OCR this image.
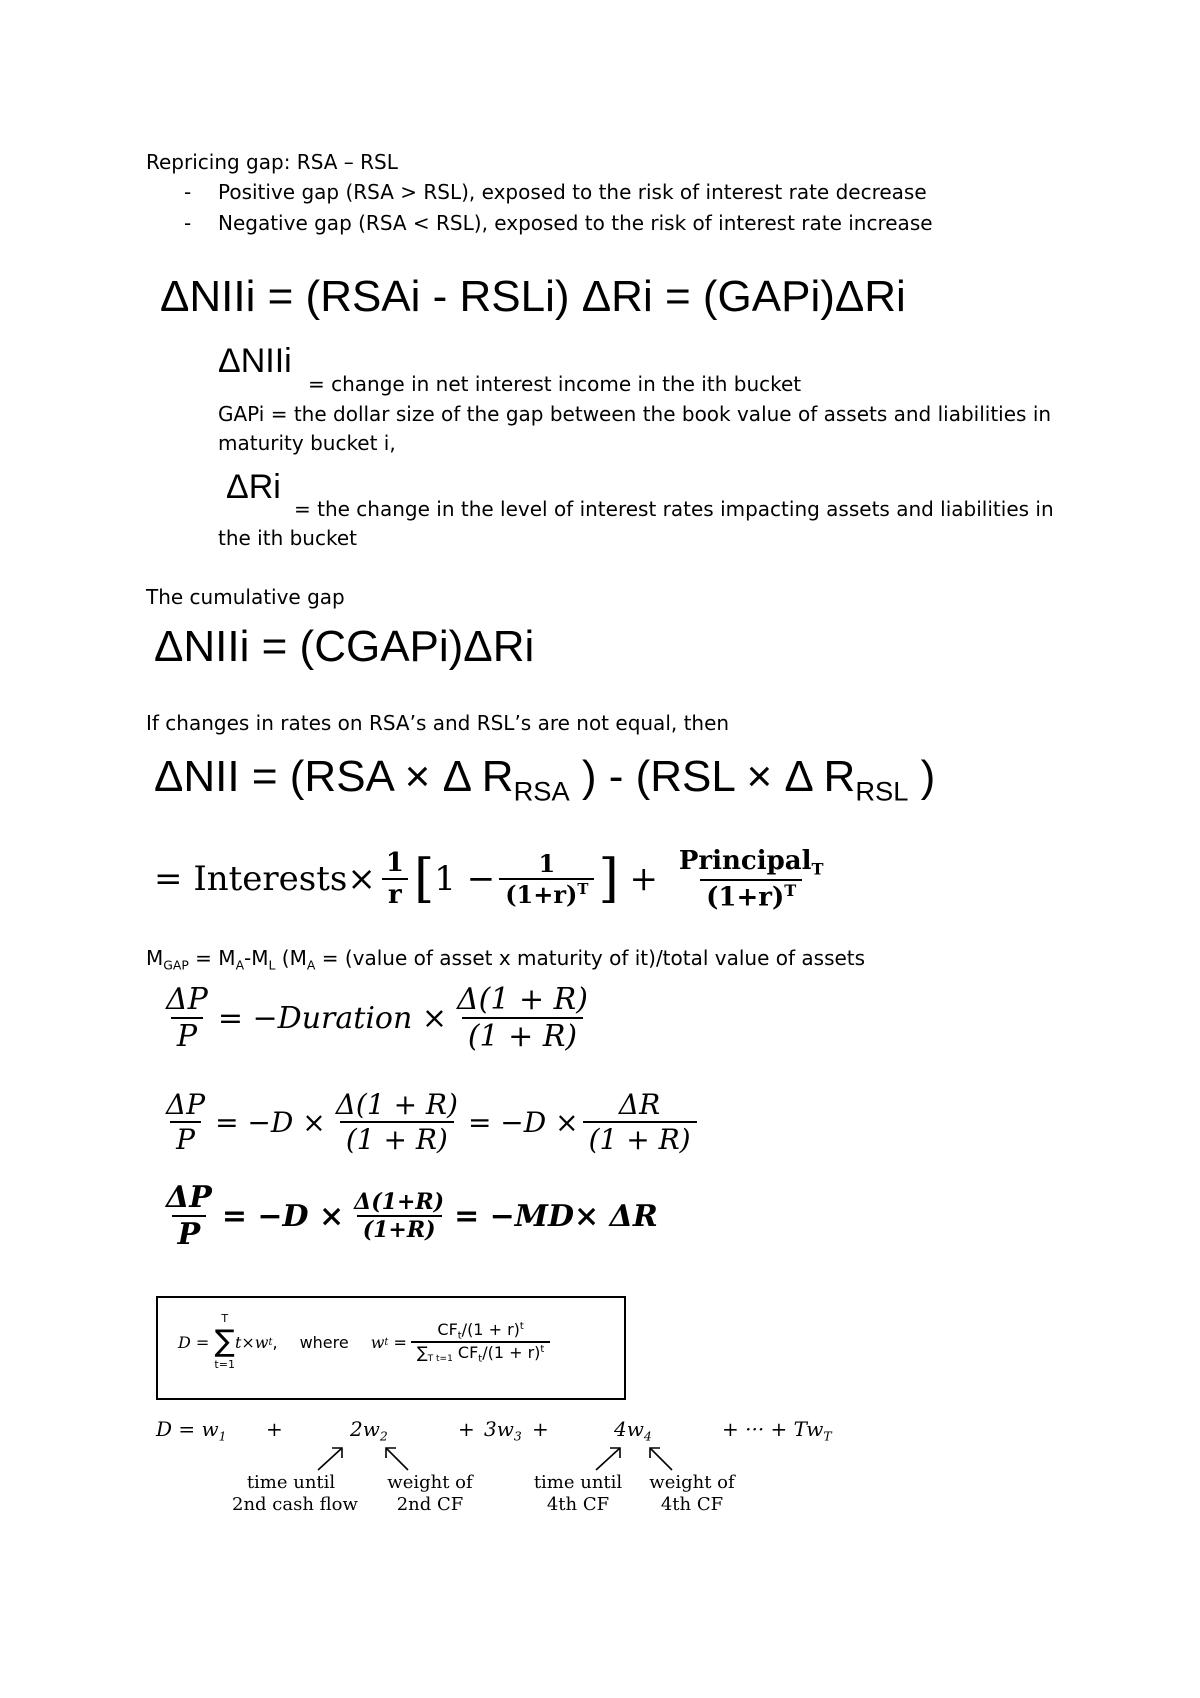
Repricing gap: RSA – RSL
- Positive gap (RSA > RSL), exposed to the risk of interest rate decrease
- Negative gap (RSA < RSL), exposed to the risk of interest rate increase
ΔNIIi = (RSAi - RSLi) ΔRi = (GAPi)ΔRi
ΔNIIi
= change in net interest income in the ith bucket
GAPi = the dollar size of the gap between the book value of assets and liabilities in
maturity bucket i,
ΔRi
= the change in the level of interest rates impacting assets and liabilities in
the ith bucket
The cumulative gap
ΔNIIi = (CGAPi)ΔRi
If changes in rates on RSA’s and RSL’s are not equal, then
ΔNII = (RSA × Δ $R_{RSA}$ ) - (RSL × Δ $R_{RSL}$ )
=
Interests× $\frac{1}{r}$ [ $1 - \frac{1}{(1+r)^T}$ ]
+
$\frac{Principal_T}{(1+r)^T}$
$M_{GAP} = M_A-M_L$ ($M_A$ = (value of asset x maturity of it)/total value of assets
$\frac{\Delta P}{P}$ = −Duration × $\frac{\Delta(1 + R)}{(1 + R)}$
$\frac{\Delta P}{P} = -D \times \frac{\Delta(1 + R)}{(1 + R)} = -D \times \frac{\Delta R}{(1 + R)}$
$\frac{\Delta P}{P} = -D \times \frac{\Delta(1+R)}{(1+R)} = -MD\times \Delta R$
D =

T
∑
t=1
t×w t , where w t
= $\frac{CF_t/(1 + r)^t}{\sum_{T t=1} CF_t/(1 + r)^t}$
$D = w_1$ +	$2w_2$	+ $3w_3$ +	$4w_4$	+ ··· + $Tw_T$
time until
2nd cash flow
weight of
2nd CF
time until
4th CF
weight of
4th CF
